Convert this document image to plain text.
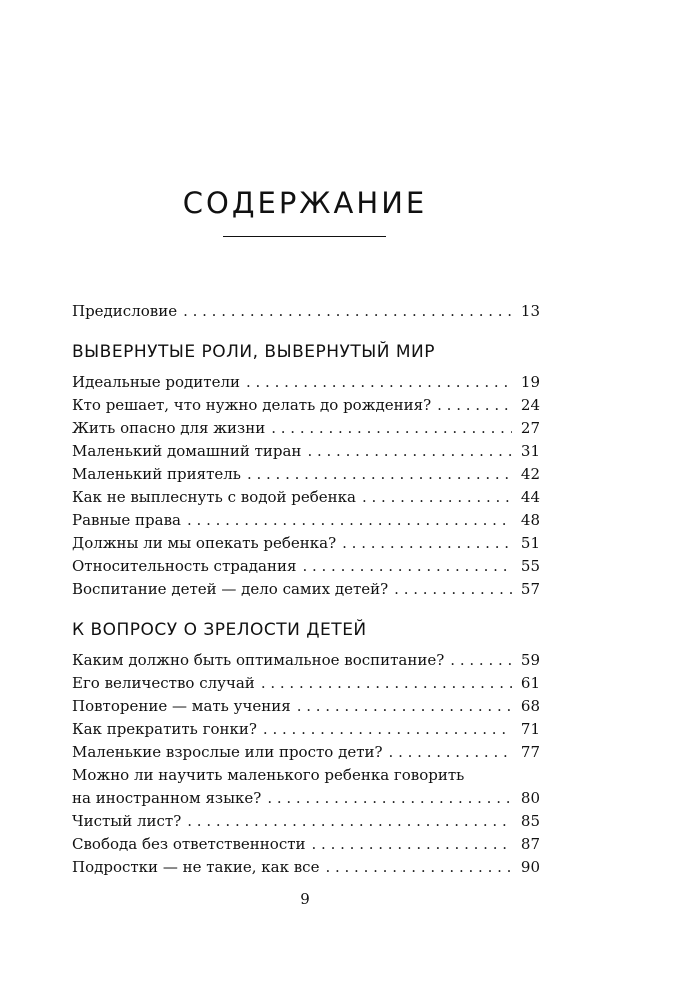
СОДЕРЖАНИЕ
Предисловие . . .	13
ВЫВЕРНУТЫЕ РОЛИ, ВЫВЕРНУТЫЙ МИР
Идеальные родители . . .	19
Кто решает, что нужно делать до рождения? . . .	24
Жить опасно для жизни . . .	27
Маленький домашний тиран . . .	31
Маленький приятель . . .	42
Как не выплеснуть с водой ребенка . . .	44
Равные права . . .	48
Должны ли мы опекать ребенка? . . .	51
Относительность страдания . . .	55
Воспитание детей — дело самих детей? . . .	57
К ВОПРОСУ О ЗРЕЛОСТИ ДЕТЕЙ
Каким должно быть оптимальное воспитание? . . .	59
Его величество случай . . .	61
Повторение — мать учения . . .	68
Как прекратить гонки? . . .	71
Маленькие взрослые или просто дети? . . .	77
Можно ли научить маленького ребенка говорить
на иностранном языке? . . .	80
Чистый лист? . . .	85
Свобода без ответственности . . .	87
Подростки — не такие, как все . . .	90
9
